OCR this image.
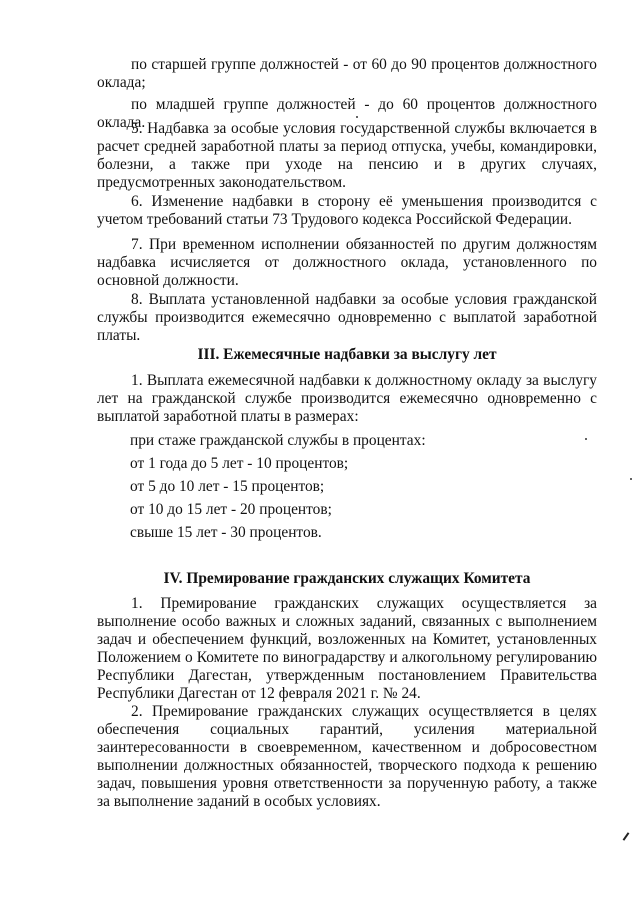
по старшей группе должностей - от 60 до 90 процентов должностного оклада;

по младшей группе должностей - до 60 процентов должностного оклада.

5. Надбавка за особые условия государственной службы включается в расчет средней заработной платы за период отпуска, учебы, командировки, болезни, а также при уходе на пенсию и в других случаях, предусмотренных законодательством.

6. Изменение надбавки в сторону её уменьшения производится с учетом требований статьи 73 Трудового кодекса Российской Федерации.

7. При временном исполнении обязанностей по другим должностям надбавка исчисляется от должностного оклада, установленного по основной должности.

8. Выплата установленной надбавки за особые условия гражданской службы производится ежемесячно одновременно с выплатой заработной платы.

III. Ежемесячные надбавки за выслугу лет

1. Выплата ежемесячной надбавки к должностному окладу за выслугу лет на гражданской службе производится ежемесячно одновременно с выплатой заработной платы в размерах:

при стаже гражданской службы в процентах:

от 1 года до 5 лет - 10 процентов;

от 5 до 10 лет - 15 процентов;

от 10 до 15 лет - 20 процентов;

свыше 15 лет - 30 процентов.

IV. Премирование гражданских служащих Комитета

1. Премирование гражданских служащих осуществляется за выполнение особо важных и сложных заданий, связанных с выполнением задач и обеспечением функций, возложенных на Комитет, установленных Положением о Комитете по виноградарству и алкогольному регулированию Республики Дагестан, утвержденным постановлением Правительства Республики Дагестан от 12 февраля 2021 г. № 24.

2. Премирование гражданских служащих осуществляется в целях обеспечения социальных гарантий, усиления материальной заинтересованности в своевременном, качественном и добросовестном выполнении должностных обязанностей, творческого подхода к решению задач, повышения уровня ответственности за порученную работу, а также за выполнение заданий в особых условиях.
